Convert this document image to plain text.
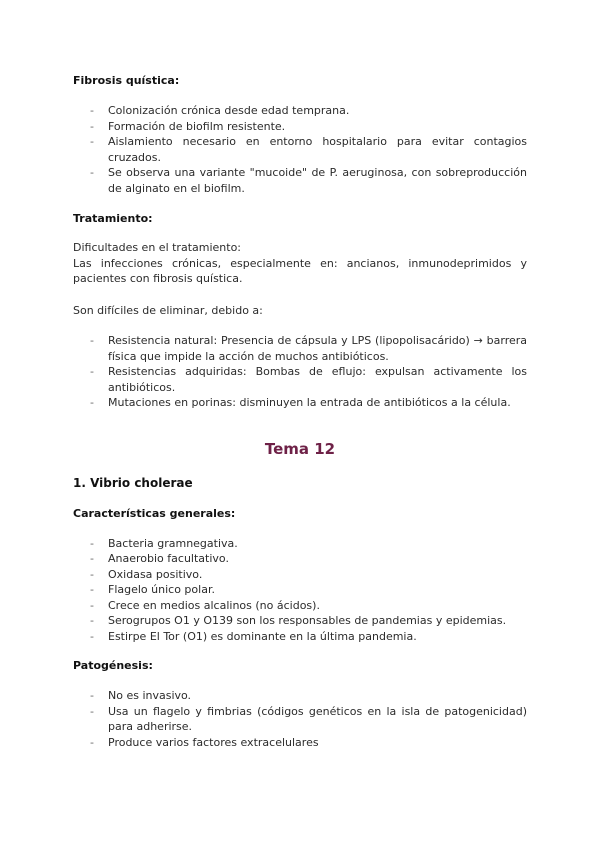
Fibrosis quística:

- Colonización crónica desde edad temprana.
- Formación de biofilm resistente.
- Aislamiento necesario en entorno hospitalario para evitar contagios cruzados.
- Se observa una variante "mucoide" de P. aeruginosa, con sobreproducción de alginato en el biofilm.

Tratamiento:

Dificultades en el tratamiento:

Las infecciones crónicas, especialmente en: ancianos, inmunodeprimidos y pacientes con fibrosis quística.

Son difíciles de eliminar, debido a:

- Resistencia natural: Presencia de cápsula y LPS (lipopolisacárido) → barrera física que impide la acción de muchos antibióticos.
- Resistencias adquiridas: Bombas de eflujo: expulsan activamente los antibióticos.
- Mutaciones en porinas: disminuyen la entrada de antibióticos a la célula.

Tema 12

1. Vibrio cholerae

Características generales:

- Bacteria gramnegativa.
- Anaerobio facultativo.
- Oxidasa positivo.
- Flagelo único polar.
- Crece en medios alcalinos (no ácidos).
- Serogrupos O1 y O139 son los responsables de pandemias y epidemias.
- Estirpe El Tor (O1) es dominante en la última pandemia.

Patogénesis:

- No es invasivo.
- Usa un flagelo y fimbrias (códigos genéticos en la isla de patogenicidad) para adherirse.
- Produce varios factores extracelulares
